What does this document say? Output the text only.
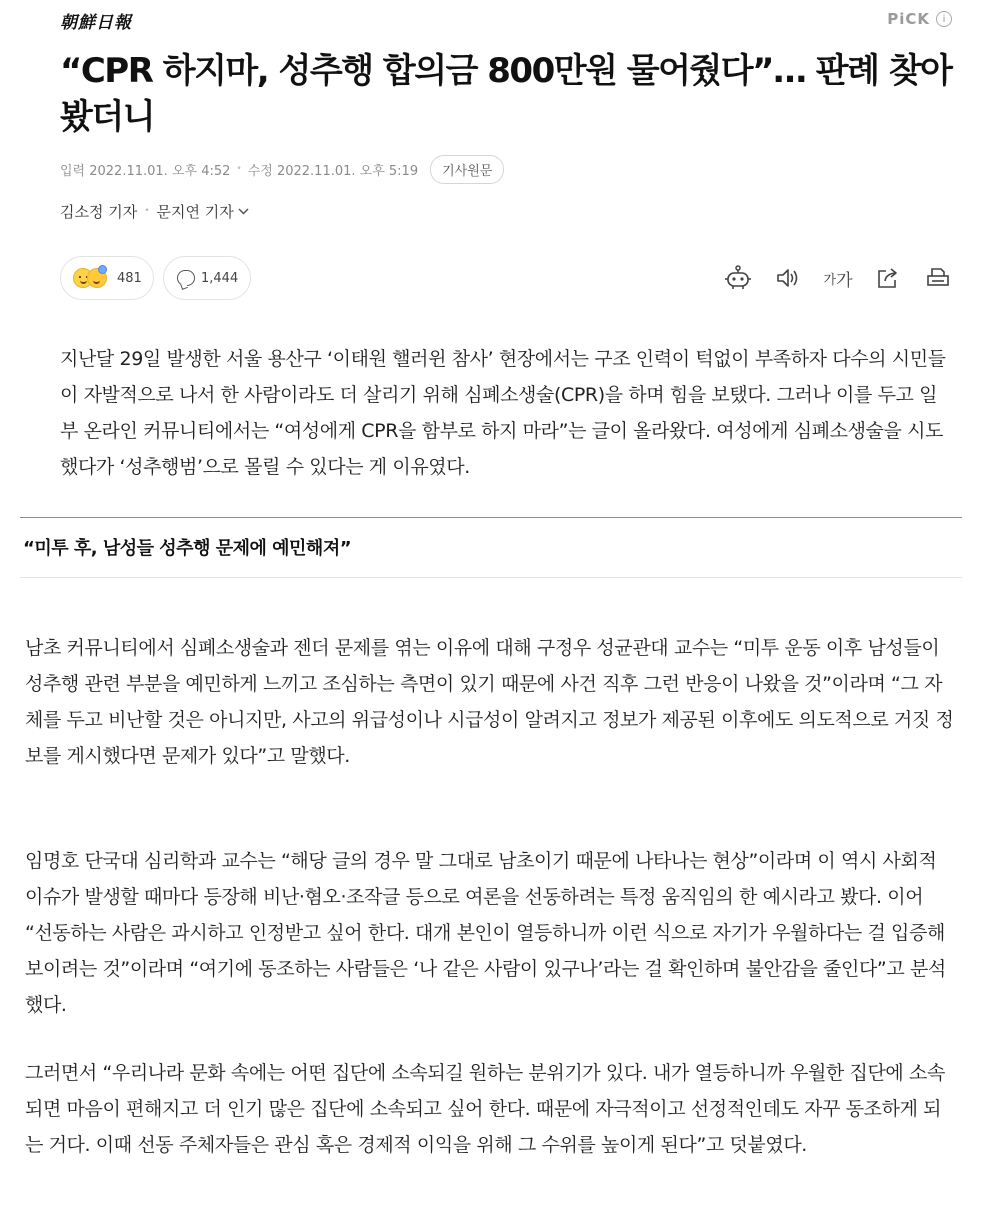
朝鮮日報	PiCK	i
“CPR 하지마, 성추행 합의금 800만원 물어줬다”… 판례 찾아봤더니
입력 2022.11.01. 오후 4:52 • 수정 2022.11.01. 오후 5:19	기사원문
김소정 기자 • 문지연 기자
481	1,444	가 가

지난달 29일 발생한 서울 용산구 ‘이태원 핼러윈 참사’ 현장에서는 구조 인력이 턱없이 부족하자 다수의 시민들이 자발적으로 나서 한 사람이라도 더 살리기 위해 심폐소생술(CPR)을 하며 힘을 보탰다. 그러나 이를 두고 일부 온라인 커뮤니티에서는 “여성에게 CPR을 함부로 하지 마라”는 글이 올라왔다. 여성에게 심폐소생술을 시도했다가 ‘성추행범’으로 몰릴 수 있다는 게 이유였다.

“미투 후, 남성들 성추행 문제에 예민해져”

남초 커뮤니티에서 심폐소생술과 젠더 문제를 엮는 이유에 대해 구정우 성균관대 교수는 “미투 운동 이후 남성들이 성추행 관련 부분을 예민하게 느끼고 조심하는 측면이 있기 때문에 사건 직후 그런 반응이 나왔을 것”이라며 “그 자체를 두고 비난할 것은 아니지만, 사고의 위급성이나 시급성이 알려지고 정보가 제공된 이후에도 의도적으로 거짓 정보를 게시했다면 문제가 있다”고 말했다.

임명호 단국대 심리학과 교수는 “해당 글의 경우 말 그대로 남초이기 때문에 나타나는 현상”이라며 이 역시 사회적 이슈가 발생할 때마다 등장해 비난·혐오·조작글 등으로 여론을 선동하려는 특정 움직임의 한 예시라고 봤다. 이어 “선동하는 사람은 과시하고 인정받고 싶어 한다. 대개 본인이 열등하니까 이런 식으로 자기가 우월하다는 걸 입증해 보이려는 것”이라며 “여기에 동조하는 사람들은 ‘나 같은 사람이 있구나’라는 걸 확인하며 불안감을 줄인다”고 분석했다.

그러면서 “우리나라 문화 속에는 어떤 집단에 소속되길 원하는 분위기가 있다. 내가 열등하니까 우월한 집단에 소속되면 마음이 편해지고 더 인기 많은 집단에 소속되고 싶어 한다. 때문에 자극적이고 선정적인데도 자꾸 동조하게 되는 거다. 이때 선동 주체자들은 관심 혹은 경제적 이익을 위해 그 수위를 높이게 된다”고 덧붙였다.
